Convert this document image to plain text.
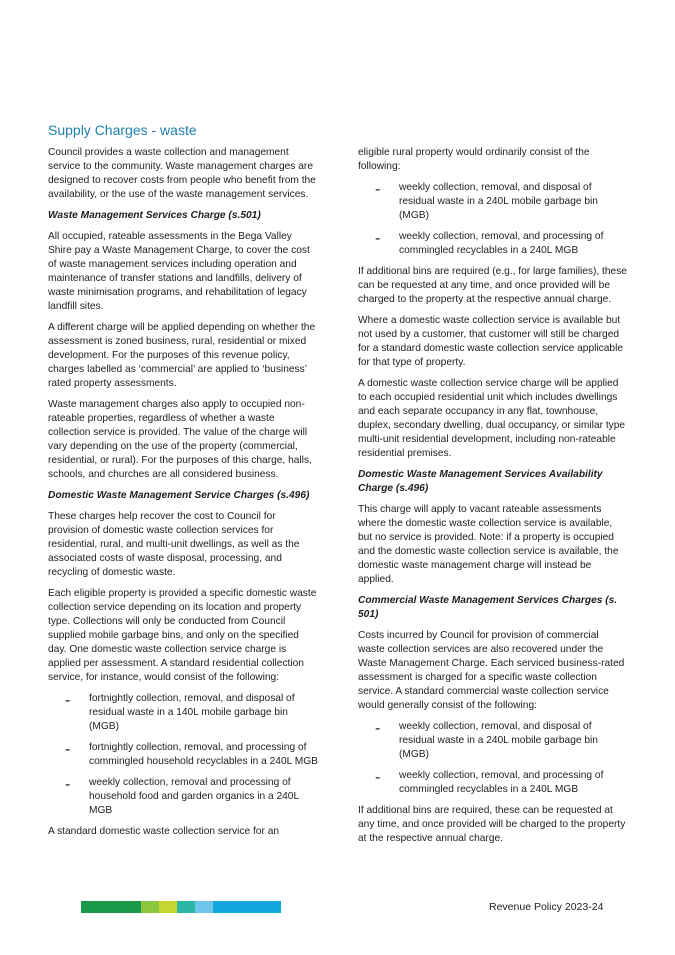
Supply Charges - waste

Council provides a waste collection and management service to the community. Waste management charges are designed to recover costs from people who benefit from the availability, or the use of the waste management services.

Waste Management Services Charge (s.501)

All occupied, rateable assessments in the Bega Valley Shire pay a Waste Management Charge, to cover the cost of waste management services including operation and maintenance of transfer stations and landfills, delivery of waste minimisation programs, and rehabilitation of legacy landfill sites.

A different charge will be applied depending on whether the assessment is zoned business, rural, residential or mixed development. For the purposes of this revenue policy, charges labelled as ‘commercial’ are applied to ‘business’ rated property assessments.

Waste management charges also apply to occupied non-rateable properties, regardless of whether a waste collection service is provided. The value of the charge will vary depending on the use of the property (commercial, residential, or rural). For the purposes of this charge, halls, schools, and churches are all considered business.

Domestic Waste Management Service Charges (s.496)

These charges help recover the cost to Council for provision of domestic waste collection services for residential, rural, and multi-unit dwellings, as well as the associated costs of waste disposal, processing, and recycling of domestic waste.

Each eligible property is provided a specific domestic waste collection service depending on its location and property type. Collections will only be conducted from Council supplied mobile garbage bins, and only on the specified day. One domestic waste collection service charge is applied per assessment. A standard residential collection service, for instance, would consist of the following:

-	fortnightly collection, removal, and disposal of residual waste in a 140L mobile garbage bin (MGB)
-	fortnightly collection, removal, and processing of commingled household recyclables in a 240L MGB
-	weekly collection, removal and processing of household food and garden organics in a 240L MGB

A standard domestic waste collection service for an

eligible rural property would ordinarily consist of the following:

-	weekly collection, removal, and disposal of residual waste in a 240L mobile garbage bin (MGB)
-	weekly collection, removal, and processing of commingled recyclables in a 240L MGB

If additional bins are required (e.g., for large families), these can be requested at any time, and once provided will be charged to the property at the respective annual charge.

Where a domestic waste collection service is available but not used by a customer, that customer will still be charged for a standard domestic waste collection service applicable for that type of property.

A domestic waste collection service charge will be applied to each occupied residential unit which includes dwellings and each separate occupancy in any flat, townhouse, duplex, secondary dwelling, dual occupancy, or similar type multi-unit residential development, including non-rateable residential premises.

Domestic Waste Management Services Availability Charge (s.496)

This charge will apply to vacant rateable assessments where the domestic waste collection service is available, but no service is provided. Note: if a property is occupied and the domestic waste collection service is available, the domestic waste management charge will instead be applied.

Commercial Waste Management Services Charges (s. 501)

Costs incurred by Council for provision of commercial waste collection services are also recovered under the Waste Management Charge. Each serviced business-rated assessment is charged for a specific waste collection service. A standard commercial waste collection service would generally consist of the following:

-	weekly collection, removal, and disposal of residual waste in a 240L mobile garbage bin (MGB)
-	weekly collection, removal, and processing of commingled recyclables in a 240L MGB

If additional bins are required, these can be requested at any time, and once provided will be charged to the property at the respective annual charge.

Revenue Policy 2023-24
